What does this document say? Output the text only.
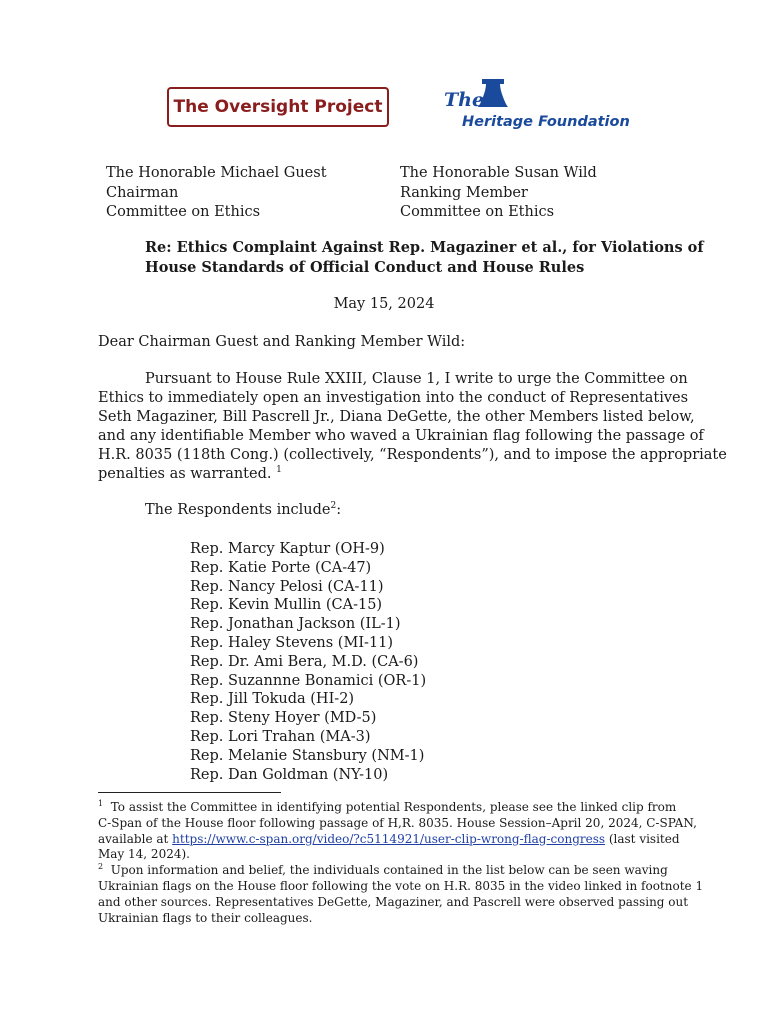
The Oversight Project	The
Heritage Foundation
The Honorable Michael Guest
Chairman
Committee on Ethics
The Honorable Susan Wild
Ranking Member
Committee on Ethics
Re: Ethics Complaint Against Rep. Magaziner et al., for Violations of
House Standards of Official Conduct and House Rules
May 15, 2024
Dear Chairman Guest and Ranking Member Wild:
Pursuant to House Rule XXIII, Clause 1, I write to urge the Committee on
Ethics to immediately open an investigation into the conduct of Representatives
Seth Magaziner, Bill Pascrell Jr., Diana DeGette, the other Members listed below,
and any identifiable Member who waved a Ukrainian flag following the passage of
H.R. 8035 (118th Cong.) (collectively, “Respondents”), and to impose the appropriate
penalties as warranted. $^1$
The Respondents include$^2$:
Rep. Marcy Kaptur (OH-9)
Rep. Katie Porte (CA-47)
Rep. Nancy Pelosi (CA-11)
Rep. Kevin Mullin (CA-15)
Rep. Jonathan Jackson (IL-1)
Rep. Haley Stevens (MI-11)
Rep. Dr. Ami Bera, M.D. (CA-6)
Rep. Suzannne Bonamici (OR-1)
Rep. Jill Tokuda (HI-2)
Rep. Steny Hoyer (MD-5)
Rep. Lori Trahan (MA-3)
Rep. Melanie Stansbury (NM-1)
Rep. Dan Goldman (NY-10)
$^1$ To assist the Committee in identifying potential Respondents, please see the linked clip from
C-Span of the House floor following passage of H,R. 8035. House Session–April 20, 2024, C-SPAN,
available at https://www.c-span.org/video/?c5114921/user-clip-wrong-flag-congress (last visited
May 14, 2024).
$^2$ Upon information and belief, the individuals contained in the list below can be seen waving
Ukrainian flags on the House floor following the vote on H.R. 8035 in the video linked in footnote 1
and other sources. Representatives DeGette, Magaziner, and Pascrell were observed passing out
Ukrainian flags to their colleagues.
